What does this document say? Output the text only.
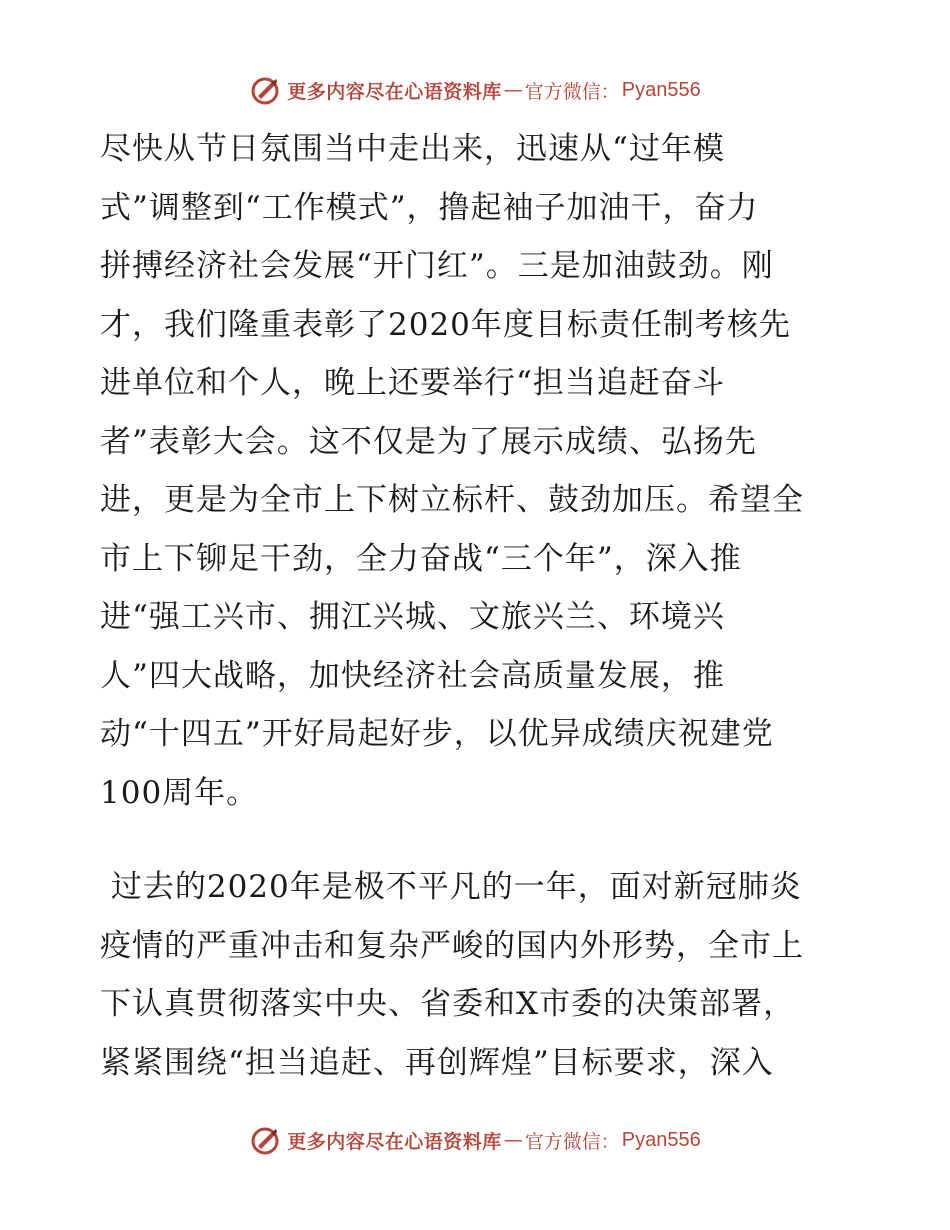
更多内容尽在心语资料库 — 官方微信： Pyan556
尽快从节日氛围当中走出来，迅速从“过年模
式”调整到“工作模式”，撸起袖子加油干，奋力
拼搏经济社会发展“开门红”。三是加油鼓劲。刚
才，我们隆重表彰了2020年度目标责任制考核先
进单位和个人，晚上还要举行“担当追赶奋斗
者”表彰大会。这不仅是为了展示成绩、弘扬先
进，更是为全市上下树立标杆、鼓劲加压。希望全
市上下铆足干劲，全力奋战“三个年”，深入推
进“强工兴市、拥江兴城、文旅兴兰、环境兴
人”四大战略，加快经济社会高质量发展，推
动“十四五”开好局起好步，以优异成绩庆祝建党
100周年。
过去的2020年是极不平凡的一年，面对新冠肺炎
疫情的严重冲击和复杂严峻的国内外形势，全市上
下认真贯彻落实中央、省委和X市委的决策部署，
紧紧围绕“担当追赶、再创辉煌”目标要求，深入
更多内容尽在心语资料库 — 官方微信： Pyan556
